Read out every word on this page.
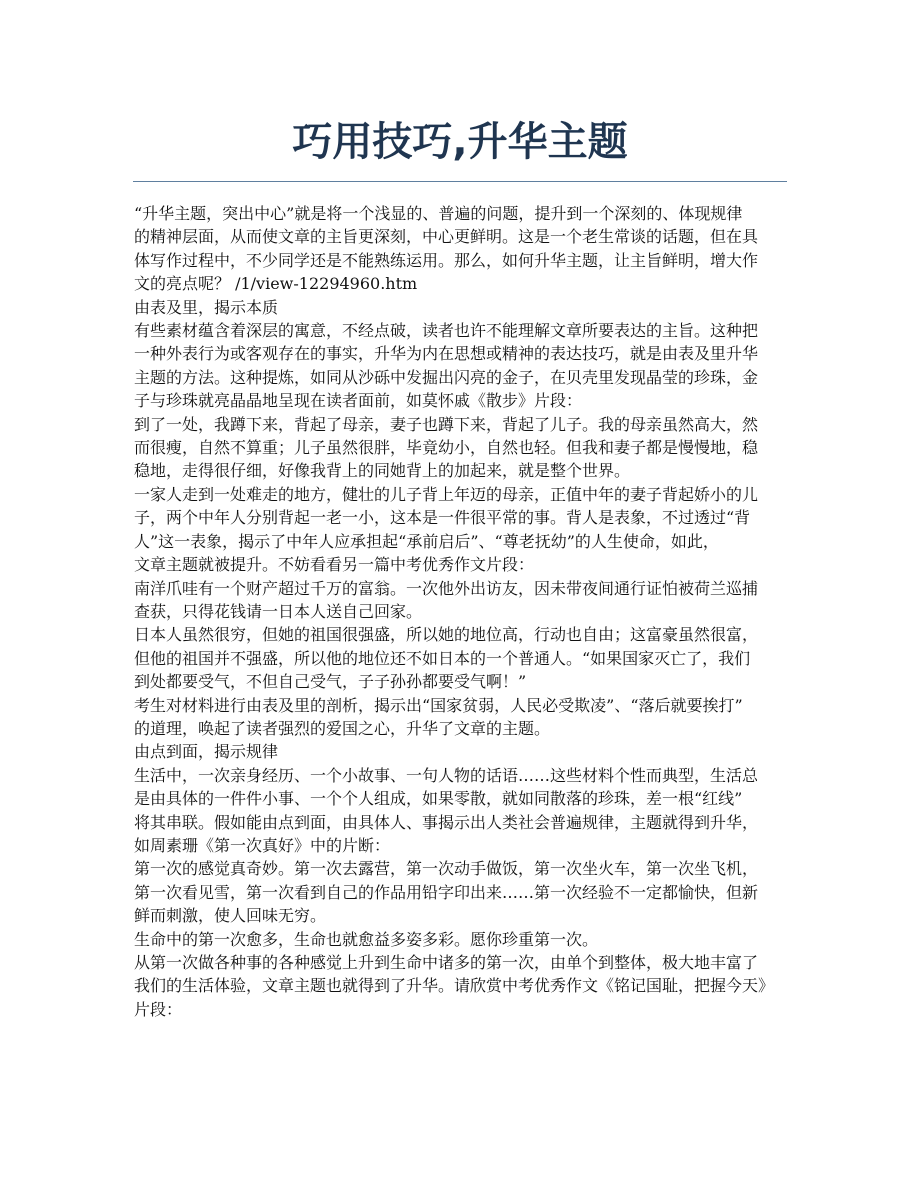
巧用技巧,升华主题

“升华主题，突出中心”就是将一个浅显的、普遍的问题，提升到一个深刻的、体现规律

的精神层面，从而使文章的主旨更深刻，中心更鲜明。这是一个老生常谈的话题，但在具

体写作过程中，不少同学还是不能熟练运用。那么，如何升华主题，让主旨鲜明，增大作

文的亮点呢？ /1/view-12294960.htm

由表及里，揭示本质

有些素材蕴含着深层的寓意，不经点破，读者也许不能理解文章所要表达的主旨。这种把

一种外表行为或客观存在的事实，升华为内在思想或精神的表达技巧，就是由表及里升华

主题的方法。这种提炼，如同从沙砾中发掘出闪亮的金子，在贝壳里发现晶莹的珍珠，金

子与珍珠就亮晶晶地呈现在读者面前，如莫怀戚《散步》片段：

到了一处，我蹲下来，背起了母亲，妻子也蹲下来，背起了儿子。我的母亲虽然高大，然

而很瘦，自然不算重；儿子虽然很胖，毕竟幼小，自然也轻。但我和妻子都是慢慢地，稳

稳地，走得很仔细，好像我背上的同她背上的加起来，就是整个世界。

一家人走到一处难走的地方，健壮的儿子背上年迈的母亲，正值中年的妻子背起娇小的儿

子，两个中年人分别背起一老一小，这本是一件很平常的事。背人是表象，不过透过“背

人”这一表象，揭示了中年人应承担起“承前启后”、“尊老抚幼”的人生使命，如此，

文章主题就被提升。不妨看看另一篇中考优秀作文片段：

南洋爪哇有一个财产超过千万的富翁。一次他外出访友，因未带夜间通行证怕被荷兰巡捕

查获，只得花钱请一日本人送自己回家。

日本人虽然很穷，但她的祖国很强盛，所以她的地位高，行动也自由；这富豪虽然很富，

但他的祖国并不强盛，所以他的地位还不如日本的一个普通人。“如果国家灭亡了，我们

到处都要受气，不但自己受气，子子孙孙都要受气啊！”

考生对材料进行由表及里的剖析，揭示出“国家贫弱，人民必受欺凌”、“落后就要挨打”

的道理，唤起了读者强烈的爱国之心，升华了文章的主题。

由点到面，揭示规律

生活中，一次亲身经历、一个小故事、一句人物的话语……这些材料个性而典型，生活总

是由具体的一件件小事、一个个人组成，如果零散，就如同散落的珍珠，差一根“红线”

将其串联。假如能由点到面，由具体人、事揭示出人类社会普遍规律，主题就得到升华，

如周素珊《第一次真好》中的片断：

第一次的感觉真奇妙。第一次去露营，第一次动手做饭，第一次坐火车，第一次坐飞机，

第一次看见雪，第一次看到自己的作品用铅字印出来……第一次经验不一定都愉快，但新

鲜而刺激，使人回味无穷。

生命中的第一次愈多，生命也就愈益多姿多彩。愿你珍重第一次。

从第一次做各种事的各种感觉上升到生命中诸多的第一次，由单个到整体，极大地丰富了

我们的生活体验，文章主题也就得到了升华。请欣赏中考优秀作文《铭记国耻，把握今天》

片段：
